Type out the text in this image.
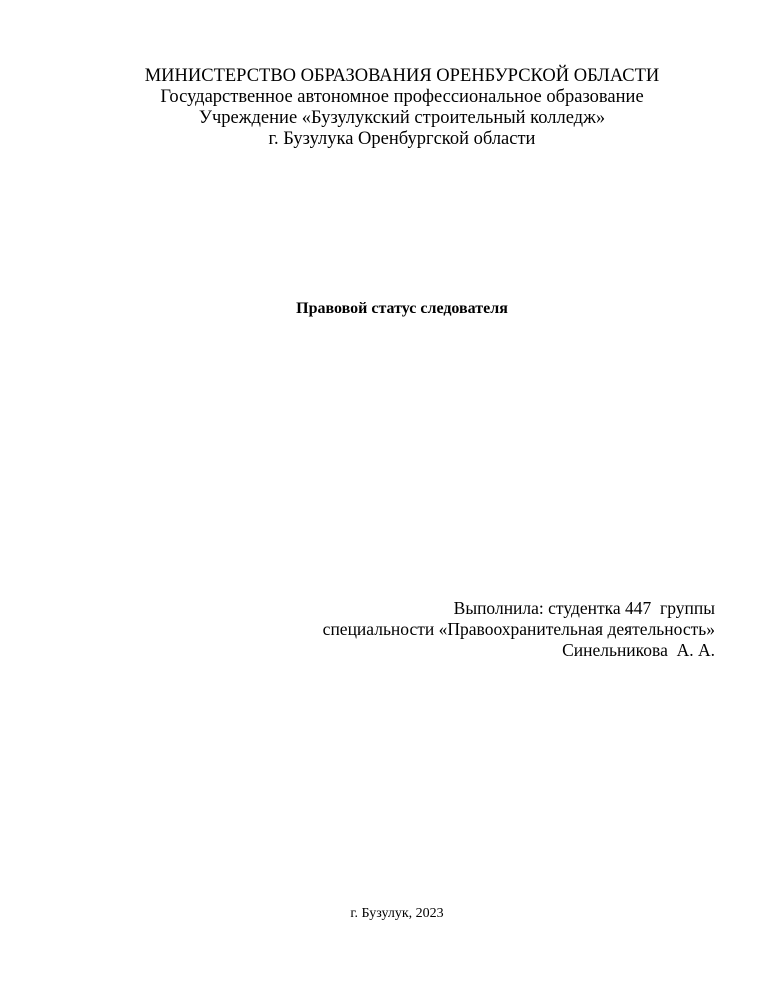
МИНИСТЕРСТВО ОБРАЗОВАНИЯ ОРЕНБУРСКОЙ ОБЛАСТИ
Государственное автономное профессиональное образование
Учреждение «Бузулукский строительный колледж»
г. Бузулука Оренбургской области
Правовой статус следователя
Выполнила: студентка 447  группы
специальности «Правоохранительная деятельность»
Синельникова  А. А.
г. Бузулук, 2023
